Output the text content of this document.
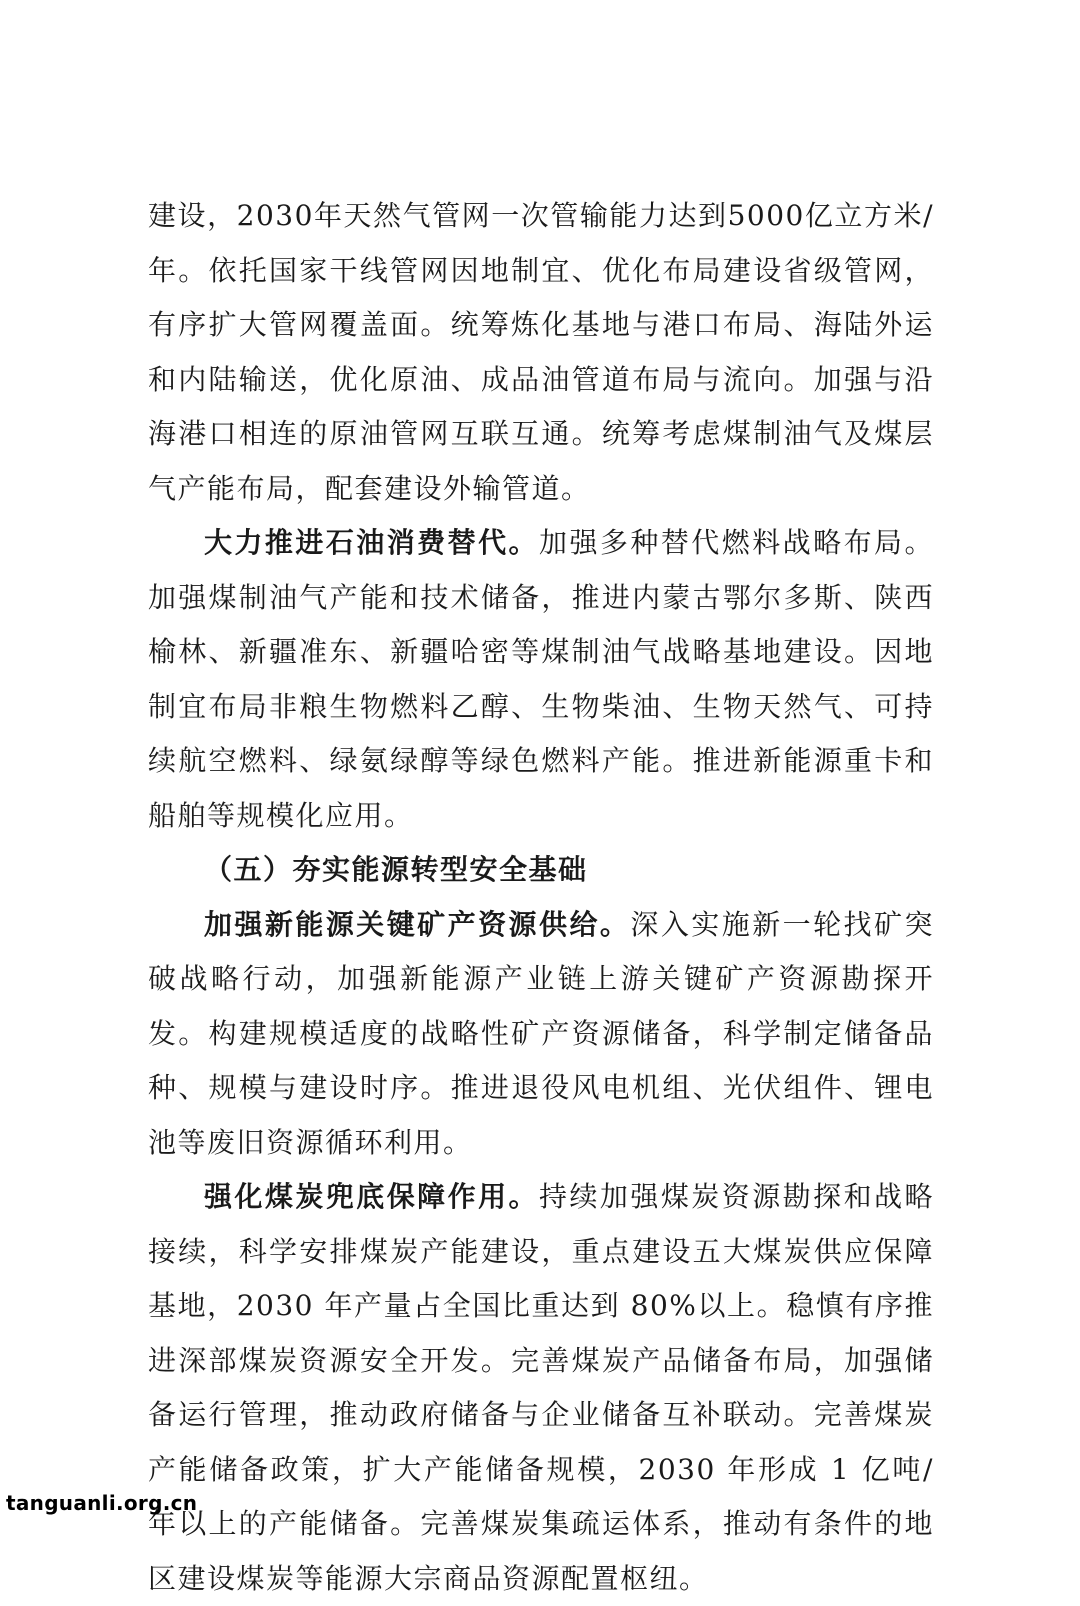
建设，2030年天然气管网一次管输能力达到5000亿立方米/年。依托国家干线管网因地制宜、优化布局建设省级管网，有序扩大管网覆盖面。统筹炼化基地与港口布局、海陆外运和内陆输送，优化原油、成品油管道布局与流向。加强与沿海港口相连的原油管网互联互通。统筹考虑煤制油气及煤层气产能布局，配套建设外输管道。

大力推进石油消费替代。加强多种替代燃料战略布局。加强煤制油气产能和技术储备，推进内蒙古鄂尔多斯、陕西榆林、新疆准东、新疆哈密等煤制油气战略基地建设。因地制宜布局非粮生物燃料乙醇、生物柴油、生物天然气、可持续航空燃料、绿氨绿醇等绿色燃料产能。推进新能源重卡和船舶等规模化应用。

（五）夯实能源转型安全基础

加强新能源关键矿产资源供给。深入实施新一轮找矿突破战略行动，加强新能源产业链上游关键矿产资源勘探开发。构建规模适度的战略性矿产资源储备，科学制定储备品种、规模与建设时序。推进退役风电机组、光伏组件、锂电池等废旧资源循环利用。

强化煤炭兜底保障作用。持续加强煤炭资源勘探和战略接续，科学安排煤炭产能建设，重点建设五大煤炭供应保障基地，2030 年产量占全国比重达到 80%以上。稳慎有序推进深部煤炭资源安全开发。完善煤炭产品储备布局，加强储备运行管理，推动政府储备与企业储备互补联动。完善煤炭产能储备政策，扩大产能储备规模，2030 年形成 1 亿吨/年以上的产能储备。完善煤炭集疏运体系，推动有条件的地区建设煤炭等能源大宗商品资源配置枢纽。

tanguanli.org.cn
